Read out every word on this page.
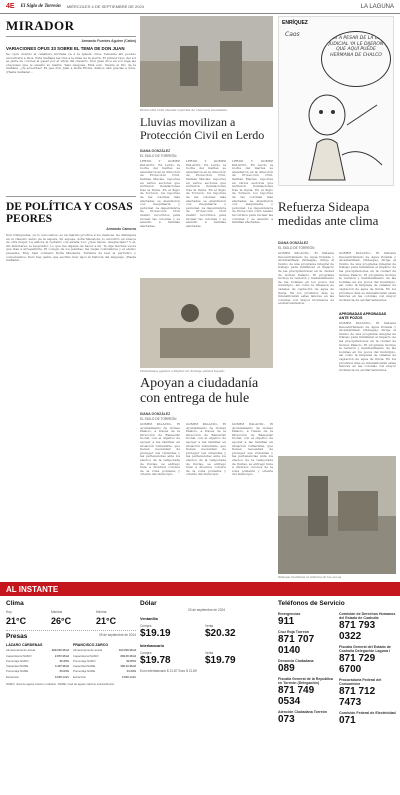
4E El Siglo de Torreón MIÉRCOLES 4 DE SEPTIEMBRE DE 2024	LA LAGUNA
MIRADOR
Armando Fuentes Aguirre (Catón)
VARIACIONES OPUS 33 SOBRE EL TEMA DE DON JUAN
Se oyen cuando el caballero invitaba va a la iglesia. Dios. Teníanle ahí pecado encontraré a Dios. Esta mañana las tres a la misa de la sierra. El primer rayo del sol se pinta de colores al pasar por el vitral del claustro. Don Juan dice en voz baja las oraciones que le enseñó su madre. Sale después. Está solo. Siente el frío de la mañana. ¿Te acuerdas? Es que don Juan a Doña Elvira. Ambos dan gracias a Dios. ¡Hasta mañana!...
DE POLÍTICA Y COSAS PEORES
Armando Camorra
Don Chinguetas, ya lo conocemos, es un marido proclive a los deslices. Se distinguía en el claustro santo de la espera. Su esposa, doña Macalota, lo encontró en brazos de otra mujer. La señora le reclamó con airada voz: ¿Qué haces, desgraciado? Y él, sin inmutarse, le respondió: Lo que me dejaste de hacer a mí. Te dije muchas veces que ibas a arrepentirte. El colegio de los jesuitas, las viejas costumbres y el eterno presente. Muy bien contestó Doña Macalota. Termina de leer el periódico y conversamos. Pero hay gente que escribe muy lejos la historia del lenguaje. ¡Hasta mañana!...
Protección Civil atiende reportes de viviendas inundadas.
Lluvias movilizan a Protección Civil en Lerdo
DIANA GONZÁLEZ
EL SIGLO DE TORREÓN
LERDO Y GÓMEZ PALACIO.- En Lerdo, la noche del martes se atendieron en la dirección de Protección Civil, Salinas Macías, reportes en varios sectores que sufrieron inundaciones tras la lluvia. En el Siglo de Torreón, los reportes de las colonias más afectadas se atendieron con maquinaria y personal. La dependencia de Protección Civil realizó recorridos para revisar las colonias y se atendió a familias afectadas.
LERDO Y GÓMEZ PALACIO.- En Lerdo, la noche del martes se atendieron en la dirección de Protección Civil, Salinas Macías, reportes en varios sectores que sufrieron inundaciones tras la lluvia. En el Siglo de Torreón, los reportes de las colonias más afectadas se atendieron con maquinaria y personal. La dependencia de Protección Civil realizó recorridos para revisar las colonias y se atendió a familias afectadas.
LERDO Y GÓMEZ PALACIO.- En Lerdo, la noche del martes se atendieron en la dirección de Protección Civil, Salinas Macías, reportes en varios sectores que sufrieron inundaciones tras la lluvia. En el Siglo de Torreón, los reportes de las colonias más afectadas se atendieron con maquinaria y personal. La dependencia de Protección Civil realizó recorridos para revisar las colonias y se atendió a familias afectadas.
Ciudadanos ayudan a limpiar un drenaje pluvial tapado.
Apoyan a ciudadanía con entrega de hule
DIANA GONZÁLEZ
EL SIGLO DE TORREÓN
GÓMEZ PALACIO.- El Ayuntamiento de Gómez Palacio, a través de la Dirección de Bienestar Social, con el objetivo de apoyar a las familias en situación vulnerable, que tienen necesidad de proteger sus viviendas y las pertenencias ante los efectos de la temporada de lluvias, se entregó hule a diversos colonos de la zona poniente y oriente del municipio.
GÓMEZ PALACIO.- El Ayuntamiento de Gómez Palacio, a través de la Dirección de Bienestar Social, con el objetivo de apoyar a las familias en situación vulnerable, que tienen necesidad de proteger sus viviendas y las pertenencias ante los efectos de la temporada de lluvias, se entregó hule a diversos colonos de la zona poniente y oriente del municipio.
GÓMEZ PALACIO.- El Ayuntamiento de Gómez Palacio, a través de la Dirección de Bienestar Social, con el objetivo de apoyar a las familias en situación vulnerable, que tienen necesidad de proteger sus viviendas y las pertenencias ante los efectos de la temporada de lluvias, se entregó hule a diversos colonos de la zona poniente y oriente del municipio.
ENRÍQUEZ
Caos
Y SI A PESAR DE LA LEY JUDICIAL YA LE DIJERON QUE AQUÍ PUEDE HERMANA DE CHALCO
Refuerza Sideapa medidas ante clima
DIANA GONZÁLEZ
EL SIGLO DE TORREÓN
GÓMEZ PALACIO.- El Sistema Descentralizado de Agua Potable y Alcantarillado (Sideapa), dirige el rumbo de una programa integral de trabajo para minimizar el impacto de las precipitaciones en la ciudad de Gómez Palacio. El programa incluye la revisión y mantenimiento de las bombas en los pozos del municipio, así como la limpieza de canales de captación de agua de lluvia. En los próximos días se intensificarán estas labores en las colonias con mayor incidencia de encharcamientos.
GÓMEZ PALACIO.- El Sistema Descentralizado de Agua Potable y Alcantarillado (Sideapa), dirige el rumbo de una programa integral de trabajo para minimizar el impacto de las precipitaciones en la ciudad de Gómez Palacio. El programa incluye la revisión y mantenimiento de las bombas en los pozos del municipio, así como la limpieza de canales de captación de agua de lluvia. En los próximos días se intensificarán estas labores en las colonias con mayor incidencia de encharcamientos.
APROBADAS APROBADAS ANTE POZOS
GÓMEZ PALACIO.- El Sistema Descentralizado de Agua Potable y Alcantarillado (Sideapa), dirige el rumbo de una programa integral de trabajo para minimizar el impacto de las precipitaciones en la ciudad de Gómez Palacio. El programa incluye la revisión y mantenimiento de las bombas en los pozos del municipio, así como la limpieza de canales de captación de agua de lluvia. En los próximos días se intensificarán estas labores en las colonias con mayor incidencia de encharcamientos.
Sideapa mantiene el sistema de los pozos
AL INSTANTE
Clima
Hoy	Máxima	Mínima
21°C	26°C	21°C
Presas	09 de septiembre de 2024
LÁZARO CÁRDENAS
Almacenamiento actual	929.020 Mm3
Capacidad al NAMO	2.873 Mm3
Porcentaje NAMO	32.33%
Capacidad NAME	4.437 Mm3
Porcentaje NAME	20.94%
Extracción	0.000 m3/s
FRANCISCO ZARCO
Almacenamiento actual	194.200 Mm3
Capacidad al NAMO	309.00 Mm3
Porcentaje NAMO	62.85%
Capacidad NAME	438.10 Mm3
Porcentaje NAME	44.33%
Extracción	0.000 m3/s
NAMO: nivel de aguas máximo ordinario. NAME: nivel de aguas máximo extraordinario.
Dólar
03 de septiembre de 2024
Ventanilla
Compra
$19.19
Venta
$20.32
Interbancario
Compra
$19.78
Venta
$19.79
Euro interbancario $ 21.87 Euro $ 21.89
Teléfonos de Servicio
Emergencias
911
Cruz Roja Torreón
871 707 0140
Denuncia Ciudadana
089
Fiscalía General de la República en Torreón (Delegación)
871 749 0534
Atención Ciudadana Torreón
073
Comisión de Derechos Humanos del Estado de Coahuila
871 793 0322
Fiscalía General del Estado de Coahuila Delegación Laguna I
871 729 6700
Procuraduría Federal del Consumidor
871 712 7473
Comisión Federal de Electricidad
071
